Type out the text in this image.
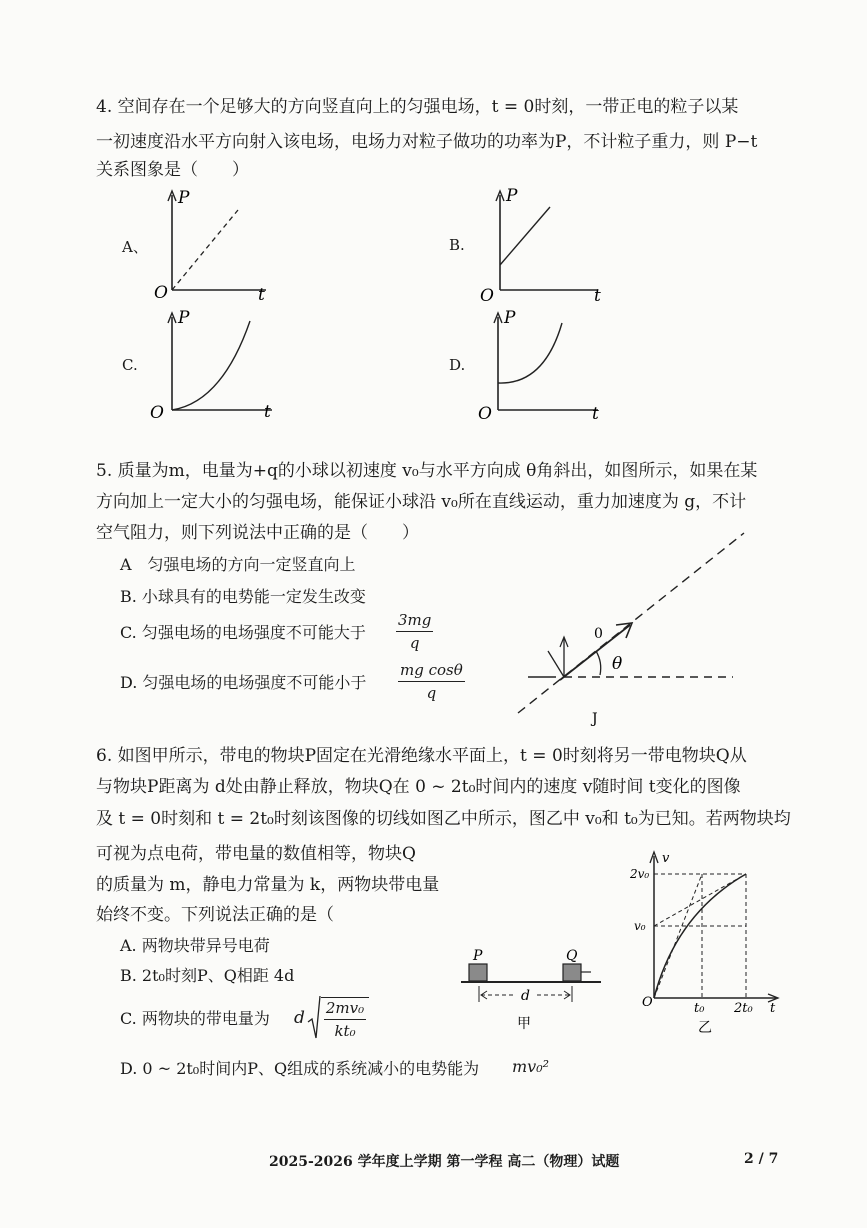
4. 空间存在一个足够大的方向竖直向上的匀强电场，t = 0时刻，一带正电的粒子以某
一初速度沿水平方向射入该电场，电场力对粒子做功的功率为P，不计粒子重力，则 P−t
关系图象是（　　）
A、
P
O	t
B.
P
O	t
C.
P
O	t
D.
P
O	t
5. 质量为m，电量为+q的小球以初速度 v₀与水平方向成 θ角斜出，如图所示，如果在某
方向加上一定大小的匀强电场，能保证小球沿 v₀所在直线运动，重力加速度为 g，不计
空气阻力，则下列说法中正确的是（　　）
A　匀强电场的方向一定竖直向上
B. 小球具有的电势能一定发生改变
C. 匀强电场的电场强度不可能大于 $\frac{3mg}{q}$
D. 匀强电场的电场强度不可能小于 $\frac{\text{mg cosθ}}{q}$
0
θ
J
6. 如图甲所示，带电的物块P固定在光滑绝缘水平面上，t = 0时刻将另一带电物块Q从
与物块P距离为 d处由静止释放，物块Q在 0 ~ 2t₀时间内的速度 v随时间 t变化的图像
及 t = 0时刻和 t = 2t₀时刻该图像的切线如图乙中所示，图乙中 v₀和 t₀为已知。若两物块均
可视为点电荷，带电量的数值相等，物块Q
的质量为 m，静电力常量为 k，两物块带电量
始终不变。下列说法正确的是（
A. 两物块带异号电荷
B. 2t₀时刻P、Q相距 4d
C. 两物块的带电量为 d $\frac{\text{2mv₀}}{\text{kt₀}}$
D. 0 ~ 2t₀时间内P、Q组成的系统减小的电势能为 mv₀²
P	Q
d
甲
v
2v₀
v₀
O	t₀ 2t₀ t
乙
2025-2026 学年度上学期 第一学程 高二（物理）试题	2 / 7
